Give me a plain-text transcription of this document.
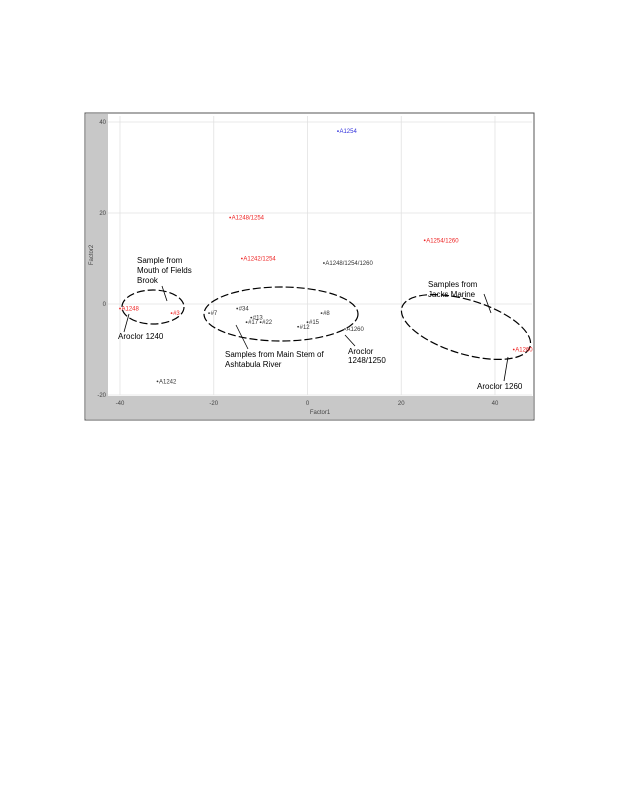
-40	-20	0	20	40
40
20
0
-20
Factor1
Factor2
A1254
A1248/1254
A1254/1260
A1242/1254
A1248/1254/1260
A1248
#3
#34
#7
#13
#17 #22
#8
#15
#12	A1260
A1242
A1260
Sample from Mouth of Fields Brook
Aroclor 1240
Samples from Main Stem of Ashtabula River
Aroclor 1248/1250
Samples from Jacks Marine
Aroclor 1260
